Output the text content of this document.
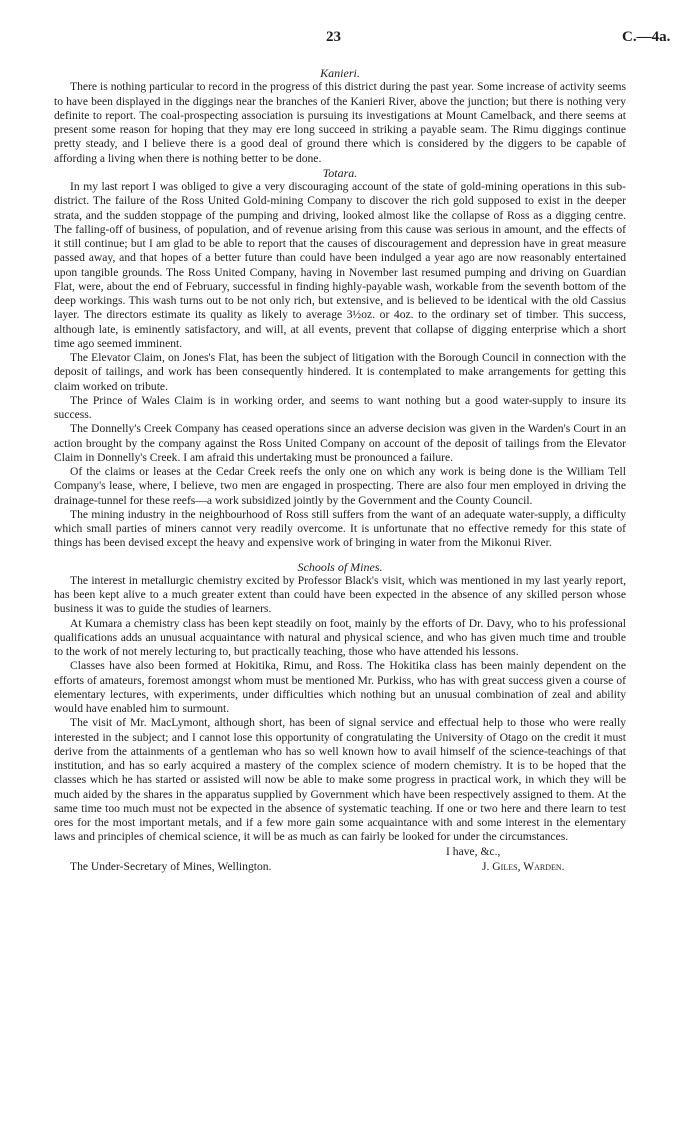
23	C.—4a.
Kanieri.

There is nothing particular to record in the progress of this district during the past year. Some increase of activity seems to have been displayed in the diggings near the branches of the Kanieri River, above the junction; but there is nothing very definite to report. The coal-prospecting association is pursuing its investigations at Mount Camelback, and there seems at present some reason for hoping that they may ere long succeed in striking a payable seam. The Rimu diggings continue pretty steady, and I believe there is a good deal of ground there which is considered by the diggers to be capable of affording a living when there is nothing better to be done.

Totara.

In my last report I was obliged to give a very discouraging account of the state of gold-mining operations in this sub-district. The failure of the Ross United Gold-mining Company to discover the rich gold supposed to exist in the deeper strata, and the sudden stoppage of the pumping and driving, looked almost like the collapse of Ross as a digging centre. The falling-off of business, of population, and of revenue arising from this cause was serious in amount, and the effects of it still continue; but I am glad to be able to report that the causes of discouragement and depression have in great measure passed away, and that hopes of a better future than could have been indulged a year ago are now reasonably entertained upon tangible grounds. The Ross United Company, having in November last resumed pumping and driving on Guardian Flat, were, about the end of February, successful in finding highly-payable wash, workable from the seventh bottom of the deep workings. This wash turns out to be not only rich, but extensive, and is believed to be identical with the old Cassius layer. The directors estimate its quality as likely to average 3½oz. or 4oz. to the ordinary set of timber. This success, although late, is eminently satisfactory, and will, at all events, prevent that collapse of digging enterprise which a short time ago seemed imminent.

The Elevator Claim, on Jones's Flat, has been the subject of litigation with the Borough Council in connection with the deposit of tailings, and work has been consequently hindered. It is contemplated to make arrangements for getting this claim worked on tribute.

The Prince of Wales Claim is in working order, and seems to want nothing but a good water-supply to insure its success.

The Donnelly's Creek Company has ceased operations since an adverse decision was given in the Warden's Court in an action brought by the company against the Ross United Company on account of the deposit of tailings from the Elevator Claim in Donnelly's Creek. I am afraid this undertaking must be pronounced a failure.

Of the claims or leases at the Cedar Creek reefs the only one on which any work is being done is the William Tell Company's lease, where, I believe, two men are engaged in prospecting. There are also four men employed in driving the drainage-tunnel for these reefs—a work subsidized jointly by the Government and the County Council.

The mining industry in the neighbourhood of Ross still suffers from the want of an adequate water-supply, a difficulty which small parties of miners cannot very readily overcome. It is unfortunate that no effective remedy for this state of things has been devised except the heavy and expensive work of bringing in water from the Mikonui River.

Schools of Mines.

The interest in metallurgic chemistry excited by Professor Black's visit, which was mentioned in my last yearly report, has been kept alive to a much greater extent than could have been expected in the absence of any skilled person whose business it was to guide the studies of learners.

At Kumara a chemistry class has been kept steadily on foot, mainly by the efforts of Dr. Davy, who to his professional qualifications adds an unusual acquaintance with natural and physical science, and who has given much time and trouble to the work of not merely lecturing to, but practically teaching, those who have attended his lessons.

Classes have also been formed at Hokitika, Rimu, and Ross. The Hokitika class has been mainly dependent on the efforts of amateurs, foremost amongst whom must be mentioned Mr. Purkiss, who has with great success given a course of elementary lectures, with experiments, under difficulties which nothing but an unusual combination of zeal and ability would have enabled him to surmount.

The visit of Mr. MacLymont, although short, has been of signal service and effectual help to those who were really interested in the subject; and I cannot lose this opportunity of congratulating the University of Otago on the credit it must derive from the attainments of a gentleman who has so well known how to avail himself of the science-teachings of that institution, and has so early acquired a mastery of the complex science of modern chemistry. It is to be hoped that the classes which he has started or assisted will now be able to make some progress in practical work, in which they will be much aided by the shares in the apparatus supplied by Government which have been respectively assigned to them. At the same time too much must not be expected in the absence of systematic teaching. If one or two here and there learn to test ores for the most important metals, and if a few more gain some acquaintance with and some interest in the elementary laws and principles of chemical science, it will be as much as can fairly be looked for under the circumstances.

I have, &c.,
The Under-Secretary of Mines, Wellington.	J. Giles, Warden.
